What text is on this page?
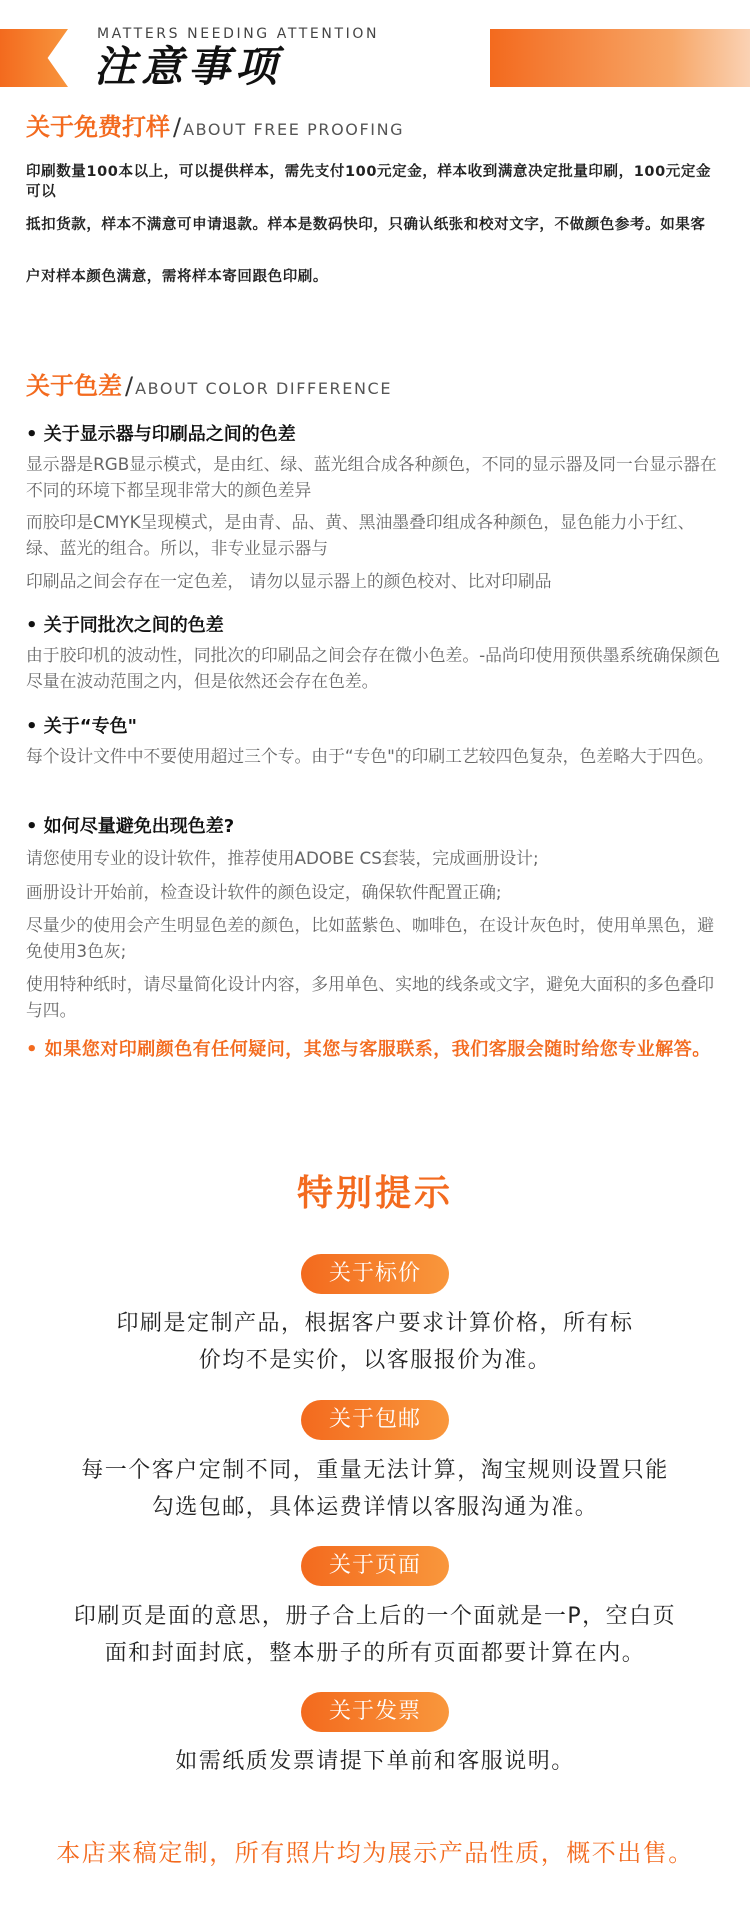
MATTERS NEEDING ATTENTION
注意事项
关于免费打样 / ABOUT FREE PROOFING
印刷数量100本以上，可以提供样本，需先支付100元定金，样本收到满意决定批量印刷，100元定金可以
抵扣货款，样本不满意可申请退款。样本是数码快印，只确认纸张和校对文字，不做颜色参考。如果客
户对样本颜色满意，需将样本寄回跟色印刷。
关于色差 / ABOUT COLOR DIFFERENCE
• 关于显示器与印刷品之间的色差
显示器是RGB显示模式，是由红、绿、蓝光组合成各种颜色，不同的显示器及同一台显示器在不同的环境下都呈现非常大的颜色差异
而胶印是CMYK呈现模式，是由青、品、黄、黑油墨叠印组成各种颜色，显色能力小于红、绿、蓝光的组合。所以，非专业显示器与
印刷品之间会存在一定色差， 请勿以显示器上的颜色校对、比对印刷品
• 关于同批次之间的色差
由于胶印机的波动性，同批次的印刷品之间会存在微小色差。-品尚印使用预供墨系统确保颜色尽量在波动范围之内，但是依然还会存在色差。
• 关于“专色"
每个设计文件中不要使用超过三个专。由于“专色"的印刷工艺较四色复杂，色差略大于四色。
• 如何尽量避免出现色差?
请您使用专业的设计软件，推荐使用ADOBE CS套装，完成画册设计;
画册设计开始前，检查设计软件的颜色设定，确保软件配置正确;
尽量少的使用会产生明显色差的颜色，比如蓝紫色、咖啡色，在设计灰色时，使用单黑色，避免使用3色灰;
使用特种纸时，请尽量简化设计内容，多用单色、实地的线条或文字，避免大面积的多色叠印与四。
• 如果您对印刷颜色有任何疑问，其您与客服联系，我们客服会随时给您专业解答。
特别提示
关于标价
印刷是定制产品，根据客户要求计算价格，所有标
价均不是实价，以客服报价为准。
关于包邮
每一个客户定制不同，重量无法计算，淘宝规则设置只能
勾选包邮，具体运费详情以客服沟通为准。
关于页面
印刷页是面的意思，册子合上后的一个面就是一P，空白页
面和封面封底，整本册子的所有页面都要计算在内。
关于发票
如需纸质发票请提下单前和客服说明。
本店来稿定制，所有照片均为展示产品性质，概不出售。
